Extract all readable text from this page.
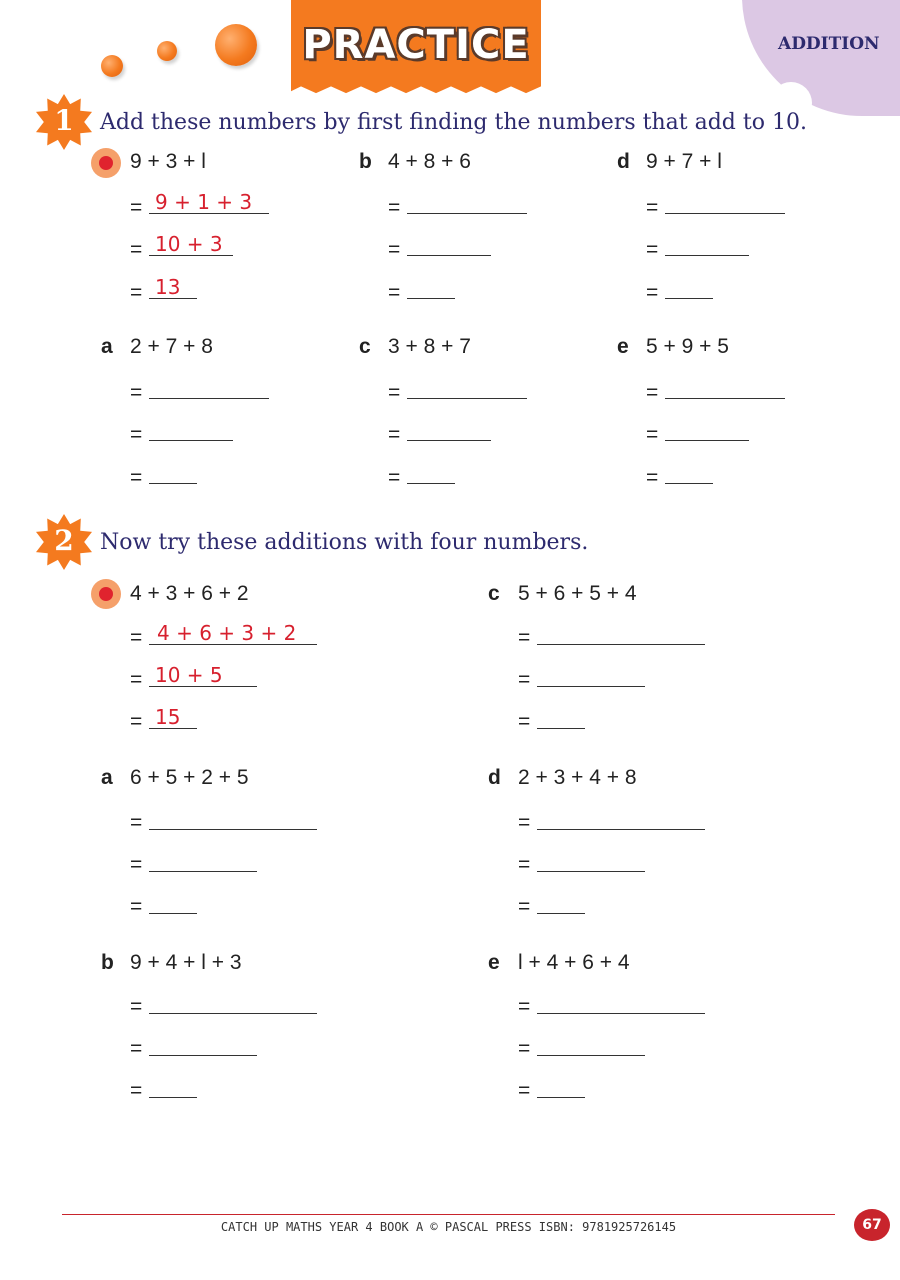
PRACTICE	ADDITION
1	Add these numbers by first finding the numbers that add to 10.
9 + 3 + l
= 9 + 1 + 3
= 10 + 3
= 13
b 4 + 8 + 6
=
=
=
d 9 + 7 + l
=
=
=
a 2 + 7 + 8
=
=
=
c 3 + 8 + 7
=
=
=
e 5 + 9 + 5
=
=
=
2	Now try these additions with four numbers.
4 + 3 + 6 + 2
= 4 + 6 + 3 + 2
= 10 + 5
= 15
c 5 + 6 + 5 + 4
=
=
=
a 6 + 5 + 2 + 5
=
=
=
d 2 + 3 + 4 + 8
=
=
=
b 9 + 4 + l + 3
=
=
=
e l + 4 + 6 + 4
=
=
=
CATCH UP MATHS YEAR 4 BOOK A © PASCAL PRESS ISBN: 9781925726145	67
